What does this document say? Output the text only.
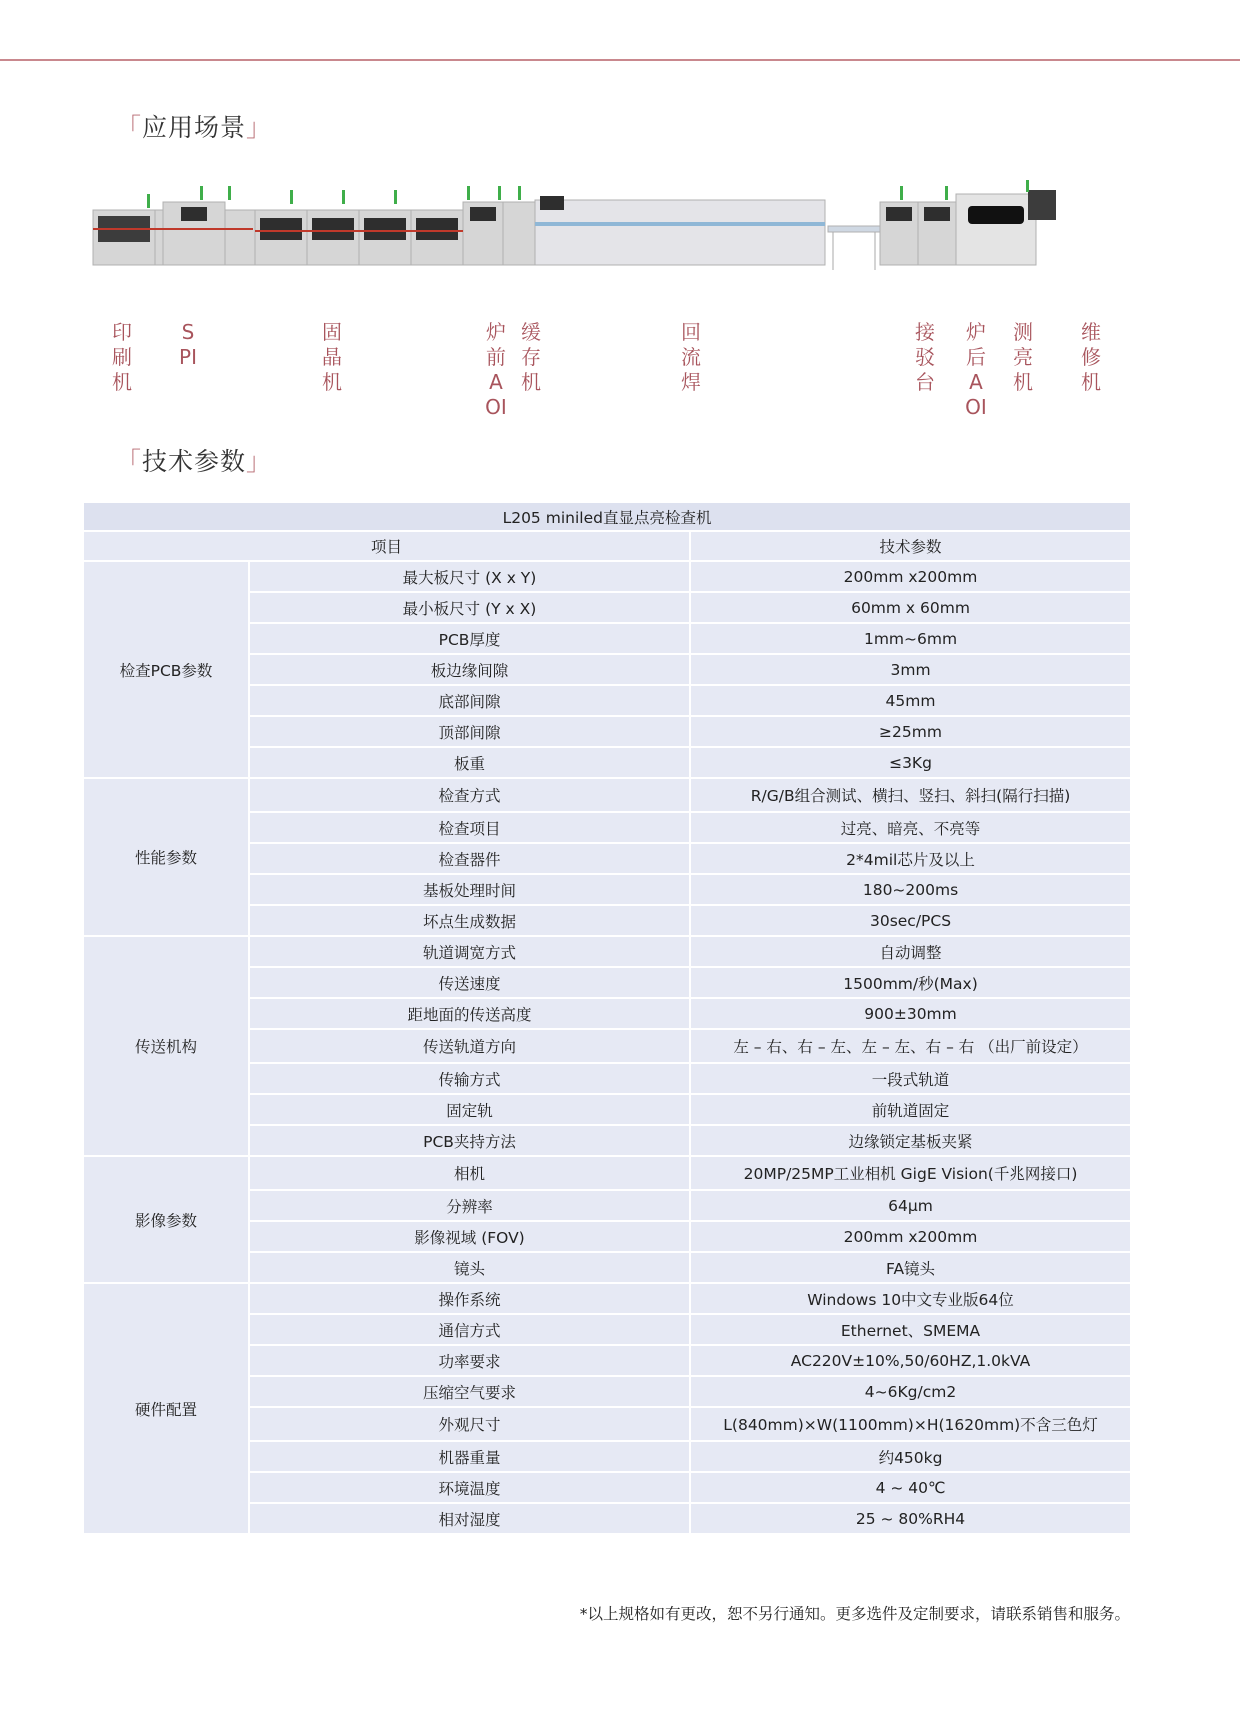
「应用场景」
印刷机
SPI
固晶机
炉前AOI
缓存机
回流焊
接驳台
炉后AOI
测亮机
维修机
「技术参数」
L205 miniled直显点亮检查机		
项目		技术参数
检查PCB参数	最大板尺寸 (X x Y)	200mm x200mm
	最小板尺寸 (Y x X)	60mm x 60mm
	PCB厚度	1mm~6mm
	板边缘间隙	3mm
	底部间隙	45mm
	顶部间隙	≥25mm
	板重	≤3Kg
性能参数	检查方式	R/G/B组合测试、横扫、竖扫、斜扫(隔行扫描)
	检查项目	过亮、暗亮、不亮等
	检查器件	2*4mil芯片及以上
	基板处理时间	180~200ms
	坏点生成数据	30sec/PCS
传送机构	轨道调宽方式	自动调整
	传送速度	1500mm/秒(Max)
	距地面的传送高度	900±30mm
	传送轨道方向	左 – 右、右 – 左、左 – 左、右 – 右 （出厂前设定）
	传输方式	一段式轨道
	固定轨	前轨道固定
	PCB夹持方法	边缘锁定基板夹紧
影像参数	相机	20MP/25MP工业相机 GigE Vision(千兆网接口)
	分辨率	64μm
	影像视域 (FOV)	200mm x200mm
	镜头	FA镜头
硬件配置	操作系统	Windows 10中文专业版64位
	通信方式	Ethernet、SMEMA
	功率要求	AC220V±10%,50/60HZ,1.0kVA
	压缩空气要求	4~6Kg/cm2
	外观尺寸	L(840mm)×W(1100mm)×H(1620mm)不含三色灯
	机器重量	约450kg
	环境温度	4 ~ 40℃
	相对湿度	25 ~ 80%RH4
*以上规格如有更改，恕不另行通知。更多选件及定制要求，请联系销售和服务。
